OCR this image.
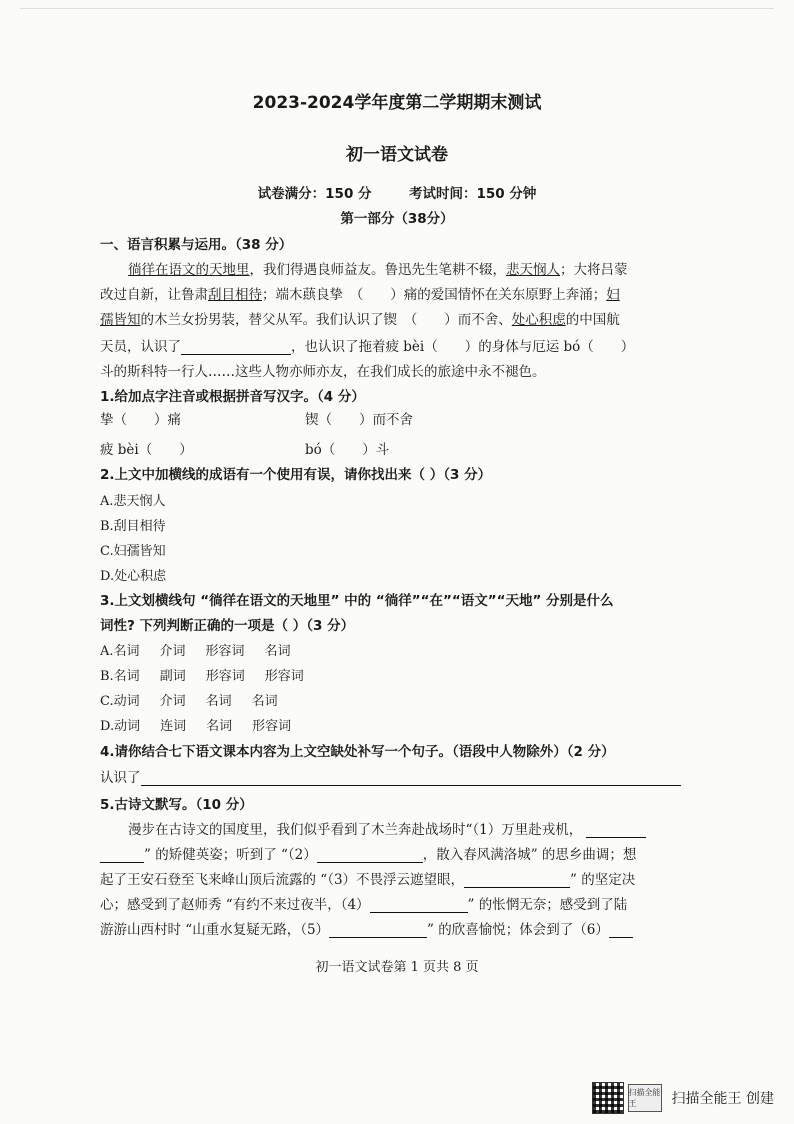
2023-2024学年度第二学期期末测试
初一语文试卷
试卷满分：150 分	考试时间：150 分钟
第一部分（38分）
一、语言积累与运用。（38 分）
徜徉在语文的天地里，我们得遇良师益友。鲁迅先生笔耕不辍，悲天悯人；大将吕蒙
改过自新，让鲁肃刮目相待；端木蕻良挚　（　　）痛的爱国情怀在关东原野上奔涌；妇
孺皆知的木兰女扮男装，替父从军。我们认识了锲　（　　）而不舍、处心积虑的中国航
天员，认识了	，也认识了拖着疲 bèi（　　）的身体与厄运 bó（　　）
斗的斯科特一行人……这些人物亦师亦友，在我们成长的旅途中永不褪色。
1.给加点字注音或根据拼音写汉字。（4 分）
挚（　　）痛	锲（　　）而不舍
疲 bèi（　　）	bó（　　）斗
2.上文中加横线的成语有一个使用有误，请你找出来（ ）（3 分）
A.悲天悯人
B.刮目相待
C.妇孺皆知
D.处心积虑
3.上文划横线句 “徜徉在语文的天地里” 中的 “徜徉”“在”“语文”“天地” 分别是什么
词性? 下列判断正确的一项是（ ）（3 分）
A.名词 介词 形容词 名词
B.名词 副词 形容词 形容词
C.动词 介词 名词 名词
D.动词 连词 名词 形容词
4.请你结合七下语文课本内容为上文空缺处补写一个句子。（语段中人物除外）（2 分）
认识了
5.古诗文默写。（10 分）
漫步在古诗文的国度里，我们似乎看到了木兰奔赴战场时“（1）万里赴戎机，
” 的矫健英姿；听到了 “（2）	，散入春风满洛城” 的思乡曲调；想
起了王安石登至飞来峰山顶后流露的 “（3）不畏浮云遮望眼，	” 的坚定决
心；感受到了赵师秀 “有约不来过夜半，（4）	” 的怅惘无奈；感受到了陆
游游山西村时 “山重水复疑无路，（5）	” 的欣喜愉悦；体会到了（6）
初一语文试卷第 1 页共 8 页
扫描全能王	扫描全能王 创建
